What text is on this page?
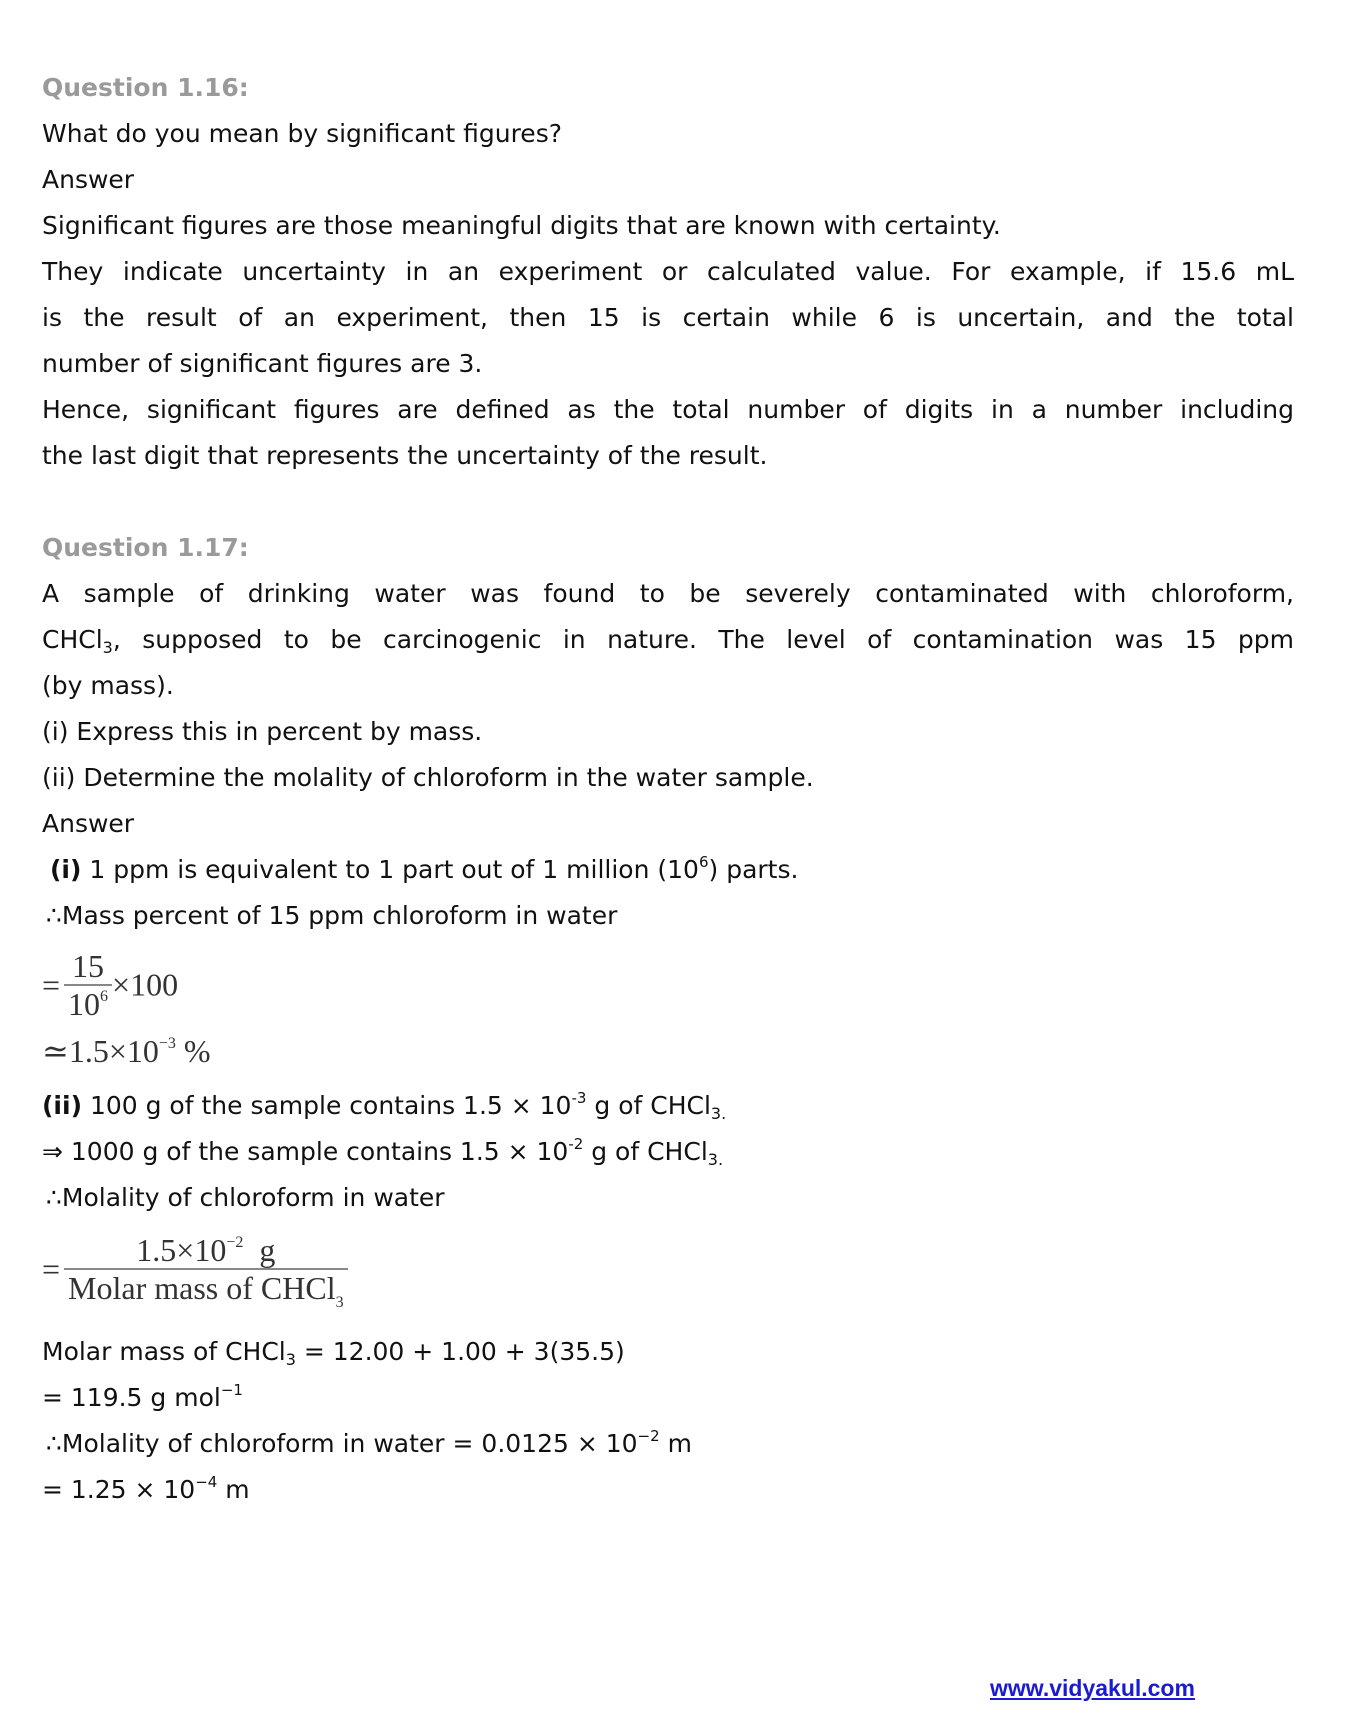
Question 1.16:
What do you mean by significant figures?
Answer
Significant figures are those meaningful digits that are known with certainty.
They indicate uncertainty in an experiment or calculated value. For example, if 15.6 mL
is the result of an experiment, then 15 is certain while 6 is uncertain, and the total
number of significant figures are 3.
Hence, significant figures are defined as the total number of digits in a number including
the last digit that represents the uncertainty of the result.
Question 1.17:
A sample of drinking water was found to be severely contaminated with chloroform,
CHCl$_3$, supposed to be carcinogenic in nature. The level of contamination was 15 ppm
(by mass).
(i) Express this in percent by mass.
(ii) Determine the molality of chloroform in the water sample.
Answer
(i) 1 ppm is equivalent to 1 part out of 1 million $(10^6)$ parts.
∴Mass percent of 15 ppm chloroform in water
= $\frac{15}{10^6} \times 100$
$≃1.5\times 10^{-3}$ %
(ii) 100 g of the sample contains $1.5 \times 10^{-3}$ g of CHCl$_{3.}$
⇒ 1000 g of the sample contains $1.5 \times 10^{-2}$ g of CHCl$_{3.}$
∴Molality of chloroform in water
= $\frac{1.5\times 10^{-2} g}{Molar mass of CHCl_3}$
Molar mass of CHCl$_3$ = 12.00 + 1.00 + 3(35.5)
= 119.5 g mol$^{-1}$
∴Molality of chloroform in water = $0.0125 \times 10^{-2}$ m
= $1.25 \times 10^{-4}$ m
www.vidyakul.com
